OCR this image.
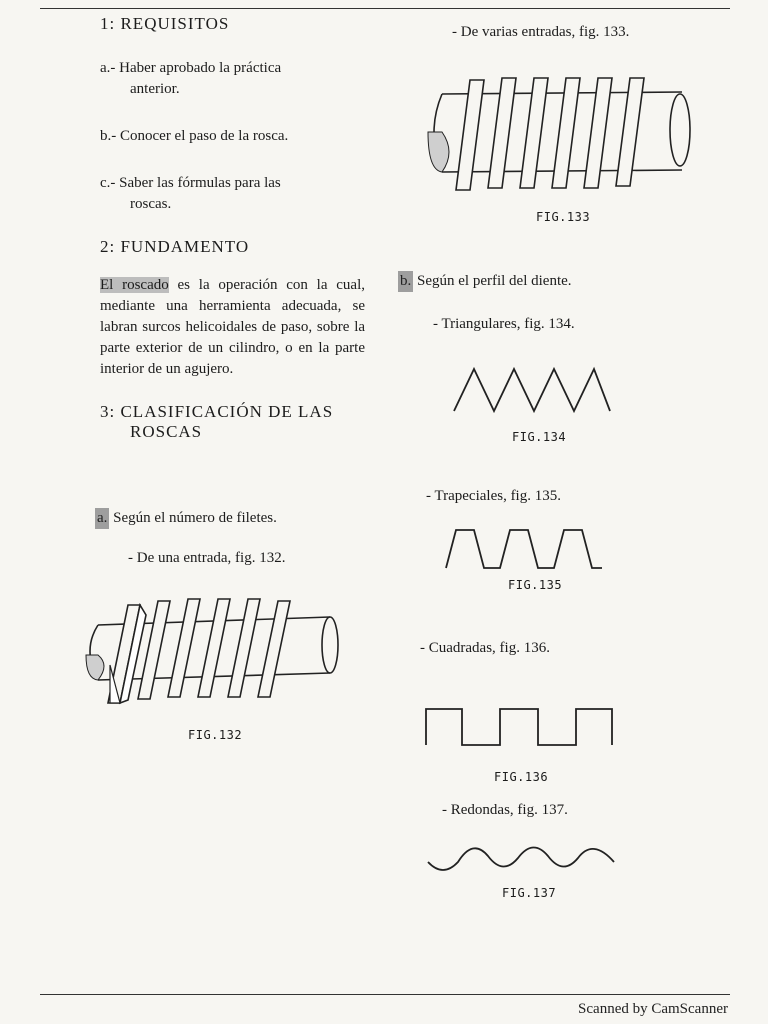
1: REQUISITOS

a.- Haber aprobado la práctica
anterior.

b.- Conocer el paso de la rosca.

c.- Saber las fórmulas para las
roscas.

2: FUNDAMENTO

El roscado es la operación con la cual, mediante una herramienta adecuada, se labran surcos helicoidales de paso, sobre la parte exterior de un cilindro, o en la parte interior de un agujero.

3: CLASIFICACIÓN DE LAS
ROSCAS
a. Según el número de filetes.
- De una entrada, fig. 132.
FIG.132
- De varias entradas, fig. 133.
FIG.133
b. Según el perfil del diente.
- Triangulares, fig. 134.
FIG.134
- Trapeciales, fig. 135.
FIG.135
- Cuadradas, fig. 136.
FIG.136
- Redondas, fig. 137.
FIG.137
Scanned by CamScanner
